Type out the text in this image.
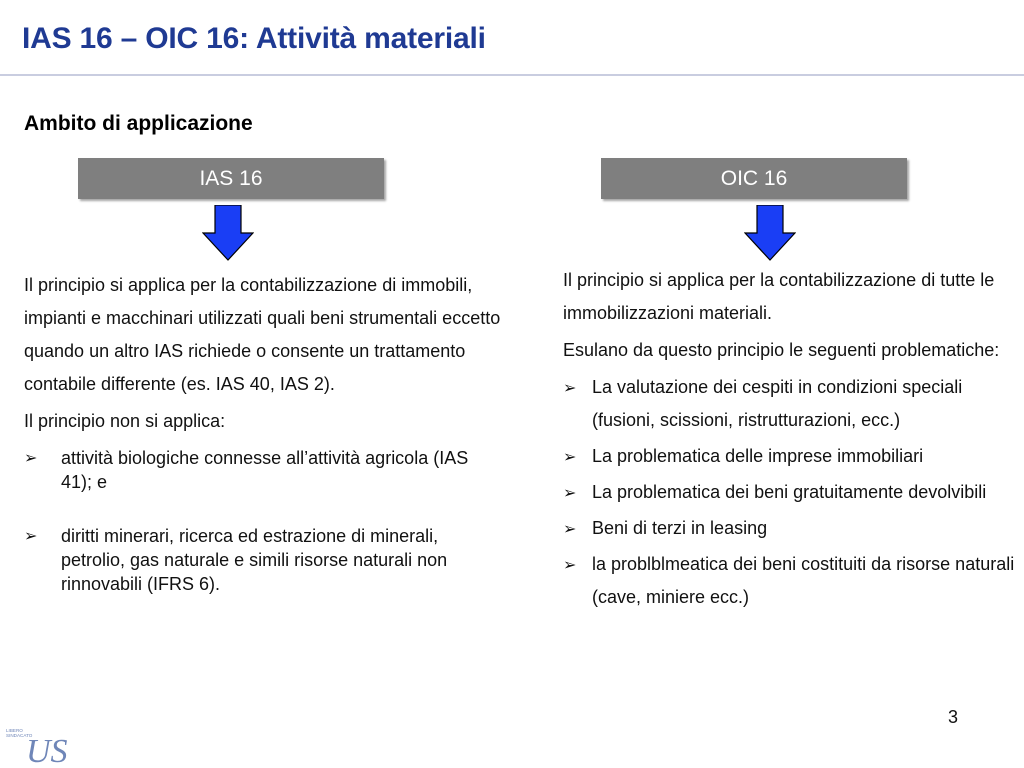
IAS 16 – OIC 16: Attività materiali
Ambito di applicazione
IAS 16	OIC 16

Il principio si applica per la contabilizzazione di immobili, impianti e macchinari utilizzati quali beni strumentali eccetto quando un altro IAS richiede o consente un trattamento contabile differente (es. IAS 40, IAS 2).

Il principio non si applica:

➢ attività biologiche connesse all’attività agricola (IAS 41); e
➢ diritti minerari, ricerca ed estrazione di minerali, petrolio, gas naturale e simili risorse naturali non rinnovabili (IFRS 6).

Il principio si applica per la contabilizzazione di tutte le immobilizzazioni materiali.

Esulano da questo principio le seguenti problematiche:

➢ La valutazione dei cespiti in condizioni speciali (fusioni, scissioni, ristrutturazioni, ecc.)
➢ La problematica delle imprese immobiliari
➢ La problematica dei beni gratuitamente devolvibili
➢ Beni di terzi in leasing
➢ la problblmeatica dei beni costituiti da risorse naturali (cave, miniere ecc.)
3
LIBERO
SINDACATO
US
